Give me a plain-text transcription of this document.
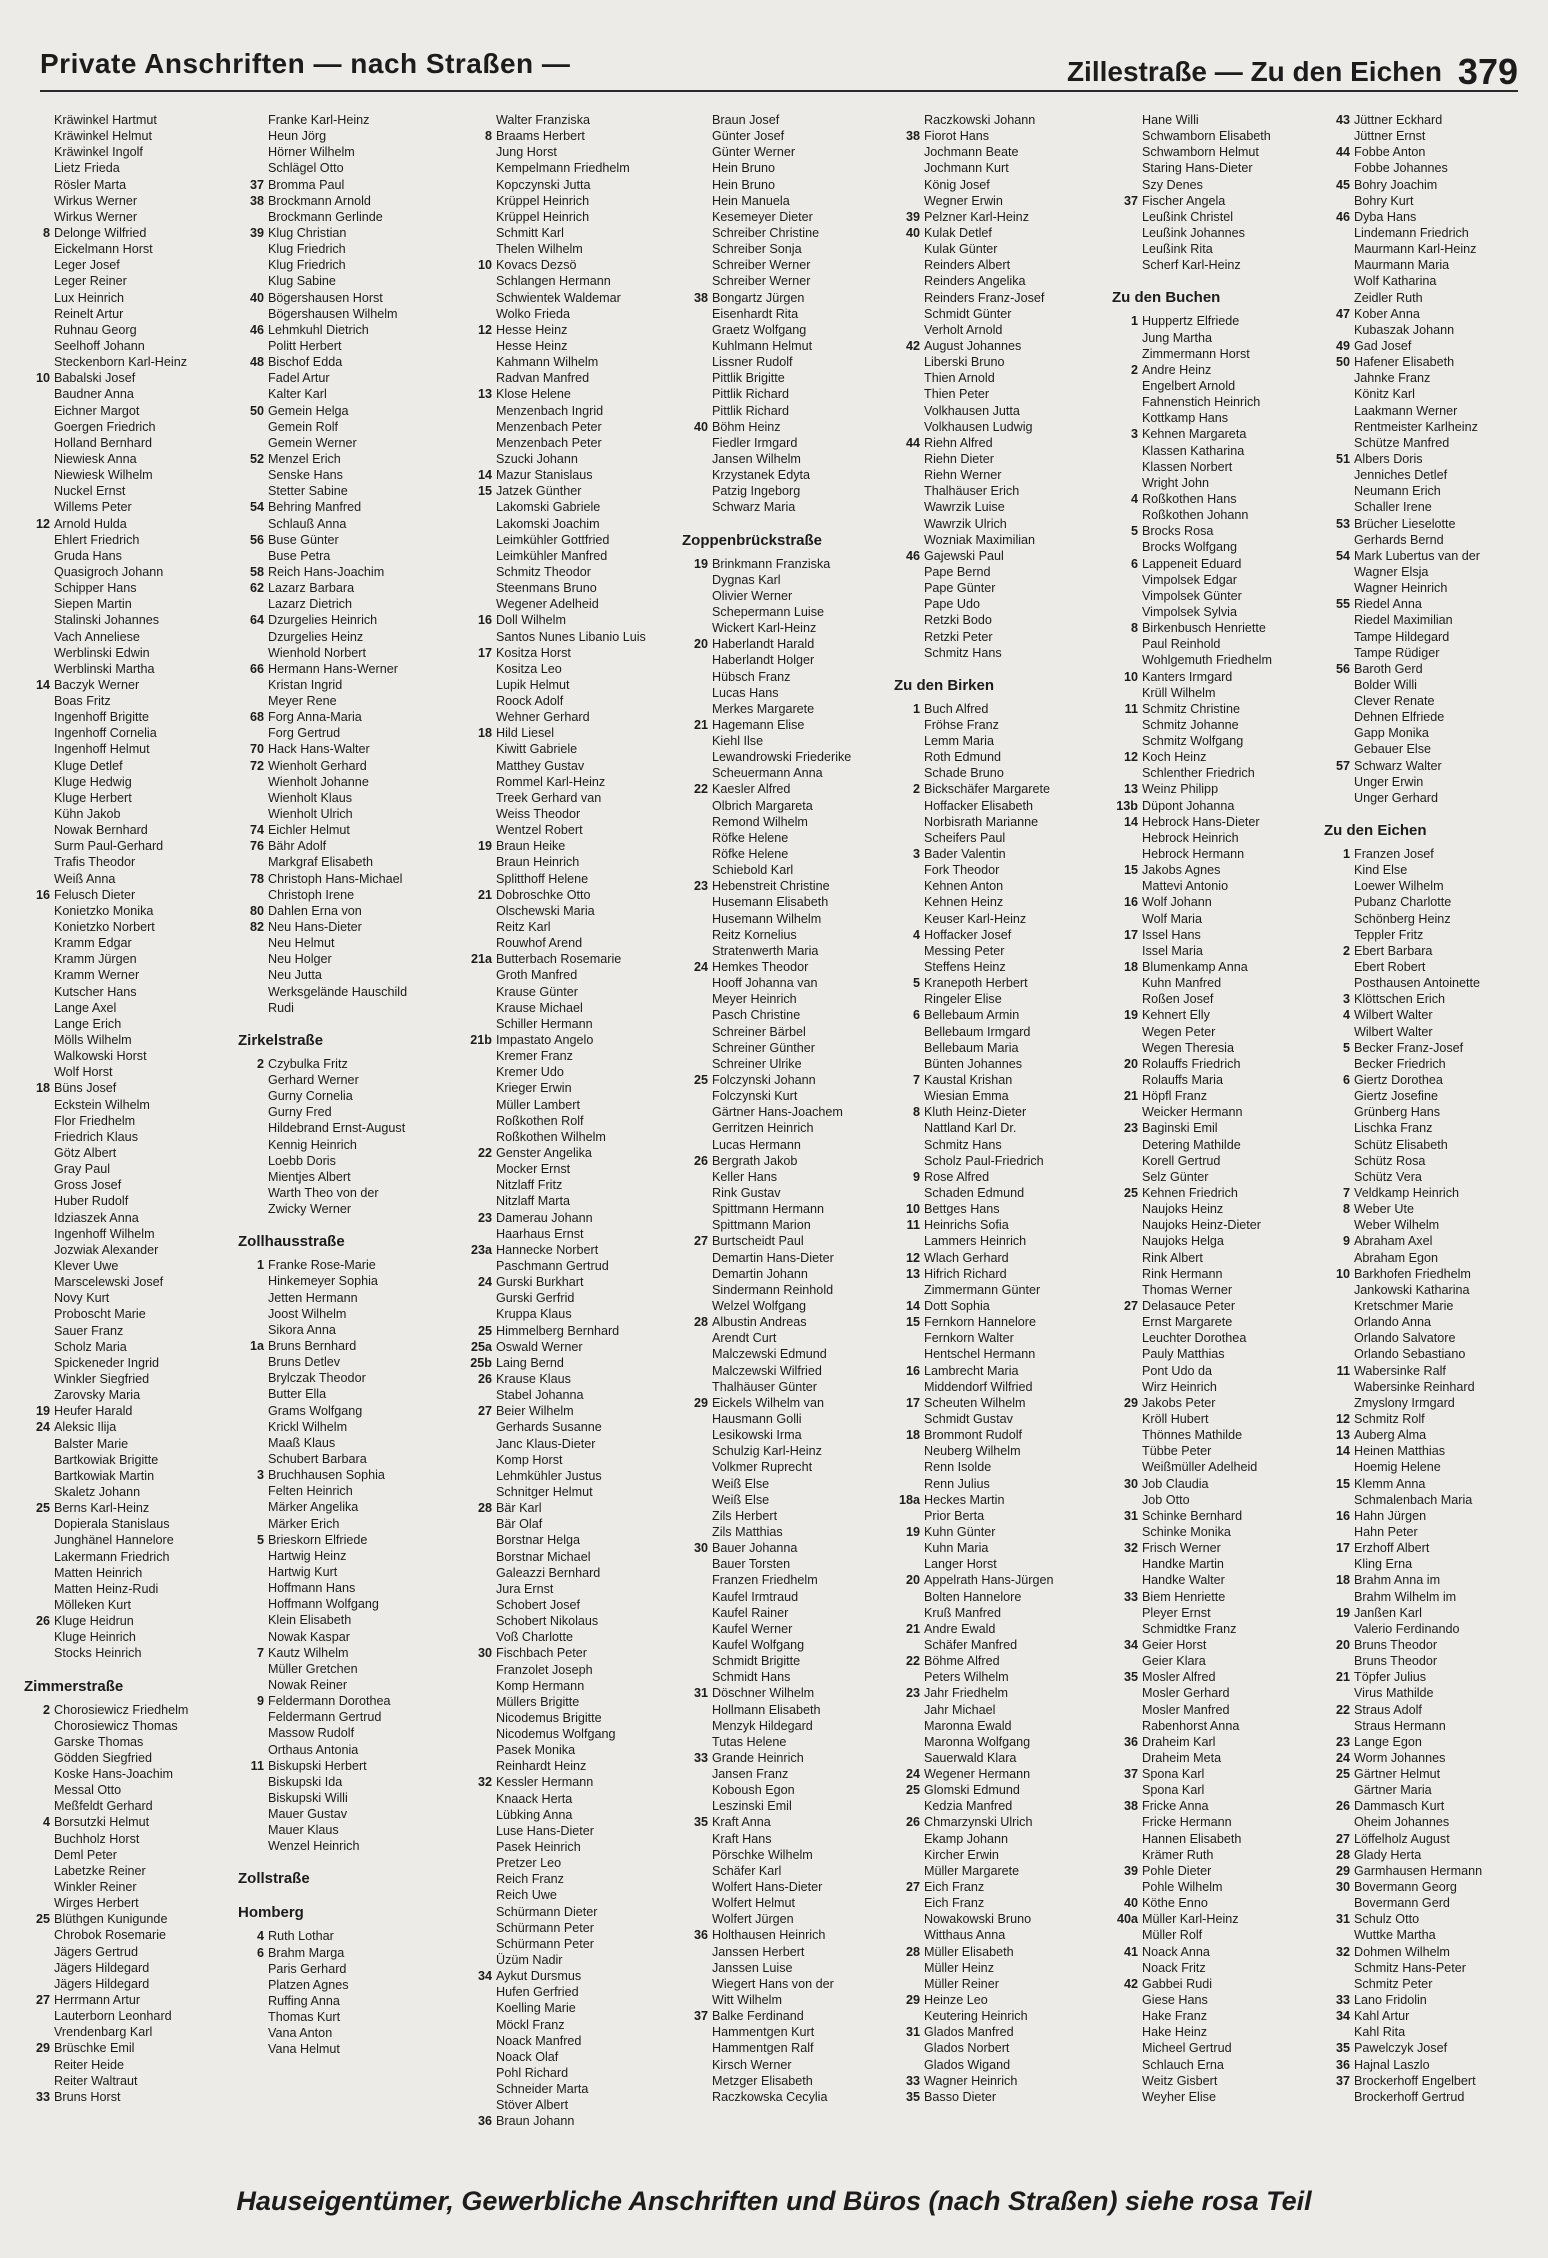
Private Anschriften — nach Straßen —	Zillestraße — Zu den Eichen 379
Kräwinkel Hartmut
Kräwinkel Helmut
Kräwinkel Ingolf
Lietz Frieda
Rösler Marta
Wirkus Werner
Wirkus Werner
8 Delonge Wilfried
Eickelmann Horst
Leger Josef
Leger Reiner
Lux Heinrich
Reinelt Artur
Ruhnau Georg
Seelhoff Johann
Steckenborn Karl-Heinz
10 Babalski Josef
Baudner Anna
Eichner Margot
Goergen Friedrich
Holland Bernhard
Niewiesk Anna
Niewiesk Wilhelm
Nuckel Ernst
Willems Peter
12 Arnold Hulda
Ehlert Friedrich
Gruda Hans
Quasigroch Johann
Schipper Hans
Siepen Martin
Stalinski Johannes
Vach Anneliese
Werblinski Edwin
Werblinski Martha
14 Baczyk Werner
Boas Fritz
Ingenhoff Brigitte
Ingenhoff Cornelia
Ingenhoff Helmut
Kluge Detlef
Kluge Hedwig
Kluge Herbert
Kühn Jakob
Nowak Bernhard
Surm Paul-Gerhard
Trafis Theodor
Weiß Anna
16 Felusch Dieter
Konietzko Monika
Konietzko Norbert
Kramm Edgar
Kramm Jürgen
Kramm Werner
Kutscher Hans
Lange Axel
Lange Erich
Mölls Wilhelm
Walkowski Horst
Wolf Horst
18 Büns Josef
Eckstein Wilhelm
Flor Friedhelm
Friedrich Klaus
Götz Albert
Gray Paul
Gross Josef
Huber Rudolf
Idziaszek Anna
Ingenhoff Wilhelm
Jozwiak Alexander
Klever Uwe
Marscelewski Josef
Novy Kurt
Proboscht Marie
Sauer Franz
Scholz Maria
Spickeneder Ingrid
Winkler Siegfried
Zarovsky Maria
19 Heufer Harald
24 Aleksic Ilija
Balster Marie
Bartkowiak Brigitte
Bartkowiak Martin
Skaletz Johann
25 Berns Karl-Heinz
Dopierala Stanislaus
Junghänel Hannelore
Lakermann Friedrich
Matten Heinrich
Matten Heinz-Rudi
Mölleken Kurt
26 Kluge Heidrun
Kluge Heinrich
Stocks Heinrich
Zimmerstraße
2 Chorosiewicz Friedhelm
Chorosiewicz Thomas
Garske Thomas
Gödden Siegfried
Koske Hans-Joachim
Messal Otto
Meßfeldt Gerhard
4 Borsutzki Helmut
Buchholz Horst
Deml Peter
Labetzke Reiner
Winkler Reiner
Wirges Herbert
25 Blüthgen Kunigunde
Chrobok Rosemarie
Jägers Gertrud
Jägers Hildegard
Jägers Hildegard
27 Herrmann Artur
Lauterborn Leonhard
Vrendenbarg Karl
29 Brüschke Emil
Reiter Heide
Reiter Waltraut
33 Bruns Horst
Franke Karl-Heinz
Heun Jörg
Hörner Wilhelm
Schlägel Otto
37 Bromma Paul
38 Brockmann Arnold
Brockmann Gerlinde
39 Klug Christian
Klug Friedrich
Klug Friedrich
Klug Sabine
40 Bögershausen Horst
Bögershausen Wilhelm
46 Lehmkuhl Dietrich
Politt Herbert
48 Bischof Edda
Fadel Artur
Kalter Karl
50 Gemein Helga
Gemein Rolf
Gemein Werner
52 Menzel Erich
Senske Hans
Stetter Sabine
54 Behring Manfred
Schlauß Anna
56 Buse Günter
Buse Petra
58 Reich Hans-Joachim
62 Lazarz Barbara
Lazarz Dietrich
64 Dzurgelies Heinrich
Dzurgelies Heinz
Wienhold Norbert
66 Hermann Hans-Werner
Kristan Ingrid
Meyer Rene
68 Forg Anna-Maria
Forg Gertrud
70 Hack Hans-Walter
72 Wienholt Gerhard
Wienholt Johanne
Wienholt Klaus
Wienholt Ulrich
74 Eichler Helmut
76 Bähr Adolf
Markgraf Elisabeth
78 Christoph Hans-Michael
Christoph Irene
80 Dahlen Erna von
82 Neu Hans-Dieter
Neu Helmut
Neu Holger
Neu Jutta
Werksgelände Hauschild
Rudi
Zirkelstraße
2 Czybulka Fritz
Gerhard Werner
Gurny Cornelia
Gurny Fred
Hildebrand Ernst-August
Kennig Heinrich
Loebb Doris
Mientjes Albert
Warth Theo von der
Zwicky Werner
Zollhausstraße
1 Franke Rose-Marie
Hinkemeyer Sophia
Jetten Hermann
Joost Wilhelm
Sikora Anna
1a Bruns Bernhard
Bruns Detlev
Brylczak Theodor
Butter Ella
Grams Wolfgang
Krickl Wilhelm
Maaß Klaus
Schubert Barbara
3 Bruchhausen Sophia
Felten Heinrich
Märker Angelika
Märker Erich
5 Brieskorn Elfriede
Hartwig Heinz
Hartwig Kurt
Hoffmann Hans
Hoffmann Wolfgang
Klein Elisabeth
Nowak Kaspar
7 Kautz Wilhelm
Müller Gretchen
Nowak Reiner
9 Feldermann Dorothea
Feldermann Gertrud
Massow Rudolf
Orthaus Antonia
11 Biskupski Herbert
Biskupski Ida
Biskupski Willi
Mauer Gustav
Mauer Klaus
Wenzel Heinrich
Zollstraße
Homberg
4 Ruth Lothar
6 Brahm Marga
Paris Gerhard
Platzen Agnes
Ruffing Anna
Thomas Kurt
Vana Anton
Vana Helmut
Walter Franziska
8 Braams Herbert
Jung Horst
Kempelmann Friedhelm
Kopczynski Jutta
Krüppel Heinrich
Krüppel Heinrich
Schmitt Karl
Thelen Wilhelm
10 Kovacs Dezsö
Schlangen Hermann
Schwientek Waldemar
Wolko Frieda
12 Hesse Heinz
Hesse Heinz
Kahmann Wilhelm
Radvan Manfred
13 Klose Helene
Menzenbach Ingrid
Menzenbach Peter
Menzenbach Peter
Szucki Johann
14 Mazur Stanislaus
15 Jatzek Günther
Lakomski Gabriele
Lakomski Joachim
Leimkühler Gottfried
Leimkühler Manfred
Schmitz Theodor
Steenmans Bruno
Wegener Adelheid
16 Doll Wilhelm
Santos Nunes Libanio Luis
17 Kositza Horst
Kositza Leo
Lupik Helmut
Roock Adolf
Wehner Gerhard
18 Hild Liesel
Kiwitt Gabriele
Matthey Gustav
Rommel Karl-Heinz
Treek Gerhard van
Weiss Theodor
Wentzel Robert
19 Braun Heike
Braun Heinrich
Splitthoff Helene
21 Dobroschke Otto
Olschewski Maria
Reitz Karl
Rouwhof Arend
21a Butterbach Rosemarie
Groth Manfred
Krause Günter
Krause Michael
Schiller Hermann
21b Impastato Angelo
Kremer Franz
Kremer Udo
Krieger Erwin
Müller Lambert
Roßkothen Rolf
Roßkothen Wilhelm
22 Genster Angelika
Mocker Ernst
Nitzlaff Fritz
Nitzlaff Marta
23 Damerau Johann
Haarhaus Ernst
23a Hannecke Norbert
Paschmann Gertrud
24 Gurski Burkhart
Gurski Gerfrid
Kruppa Klaus
25 Himmelberg Bernhard
25a Oswald Werner
25b Laing Bernd
26 Krause Klaus
Stabel Johanna
27 Beier Wilhelm
Gerhards Susanne
Janc Klaus-Dieter
Komp Horst
Lehmkühler Justus
Schnitger Helmut
28 Bär Karl
Bär Olaf
Borstnar Helga
Borstnar Michael
Galeazzi Bernhard
Jura Ernst
Schobert Josef
Schobert Nikolaus
Voß Charlotte
30 Fischbach Peter
Franzolet Joseph
Komp Hermann
Müllers Brigitte
Nicodemus Brigitte
Nicodemus Wolfgang
Pasek Monika
Reinhardt Heinz
32 Kessler Hermann
Knaack Herta
Lübking Anna
Luse Hans-Dieter
Pasek Heinrich
Pretzer Leo
Reich Franz
Reich Uwe
Schürmann Dieter
Schürmann Peter
Schürmann Peter
Üzüm Nadir
34 Aykut Dursmus
Hufen Gerfried
Koelling Marie
Möckl Franz
Noack Manfred
Noack Olaf
Pohl Richard
Schneider Marta
Stöver Albert
36 Braun Johann
Braun Josef
Günter Josef
Günter Werner
Hein Bruno
Hein Bruno
Hein Manuela
Kesemeyer Dieter
Schreiber Christine
Schreiber Sonja
Schreiber Werner
Schreiber Werner
38 Bongartz Jürgen
Eisenhardt Rita
Graetz Wolfgang
Kuhlmann Helmut
Lissner Rudolf
Pittlik Brigitte
Pittlik Richard
Pittlik Richard
40 Böhm Heinz
Fiedler Irmgard
Jansen Wilhelm
Krzystanek Edyta
Patzig Ingeborg
Schwarz Maria
Zoppenbrückstraße
19 Brinkmann Franziska
Dygnas Karl
Olivier Werner
Schepermann Luise
Wickert Karl-Heinz
20 Haberlandt Harald
Haberlandt Holger
Hübsch Franz
Lucas Hans
Merkes Margarete
21 Hagemann Elise
Kiehl Ilse
Lewandrowski Friederike
Scheuermann Anna
22 Kaesler Alfred
Olbrich Margareta
Remond Wilhelm
Röfke Helene
Röfke Helene
Schiebold Karl
23 Hebenstreit Christine
Husemann Elisabeth
Husemann Wilhelm
Reitz Kornelius
Stratenwerth Maria
24 Hemkes Theodor
Hooff Johanna van
Meyer Heinrich
Pasch Christine
Schreiner Bärbel
Schreiner Günther
Schreiner Ulrike
25 Folczynski Johann
Folczynski Kurt
Gärtner Hans-Joachem
Gerritzen Heinrich
Lucas Hermann
26 Bergrath Jakob
Keller Hans
Rink Gustav
Spittmann Hermann
Spittmann Marion
27 Burtscheidt Paul
Demartin Hans-Dieter
Demartin Johann
Sindermann Reinhold
Welzel Wolfgang
28 Albustin Andreas
Arendt Curt
Malczewski Edmund
Malczewski Wilfried
Thalhäuser Günter
29 Eickels Wilhelm van
Hausmann Golli
Lesikowski Irma
Schulzig Karl-Heinz
Volkmer Ruprecht
Weiß Else
Weiß Else
Zils Herbert
Zils Matthias
30 Bauer Johanna
Bauer Torsten
Franzen Friedhelm
Kaufel Irmtraud
Kaufel Rainer
Kaufel Werner
Kaufel Wolfgang
Schmidt Brigitte
Schmidt Hans
31 Döschner Wilhelm
Hollmann Elisabeth
Menzyk Hildegard
Tutas Helene
33 Grande Heinrich
Jansen Franz
Koboush Egon
Leszinski Emil
35 Kraft Anna
Kraft Hans
Pörschke Wilhelm
Schäfer Karl
Wolfert Hans-Dieter
Wolfert Helmut
Wolfert Jürgen
36 Holthausen Heinrich
Janssen Herbert
Janssen Luise
Wiegert Hans von der
Witt Wilhelm
37 Balke Ferdinand
Hammentgen Kurt
Hammentgen Ralf
Kirsch Werner
Metzger Elisabeth
Raczkowska Cecylia
Raczkowski Johann
38 Fiorot Hans
Jochmann Beate
Jochmann Kurt
König Josef
Wegner Erwin
39 Pelzner Karl-Heinz
40 Kulak Detlef
Kulak Günter
Reinders Albert
Reinders Angelika
Reinders Franz-Josef
Schmidt Günter
Verholt Arnold
42 August Johannes
Liberski Bruno
Thien Arnold
Thien Peter
Volkhausen Jutta
Volkhausen Ludwig
44 Riehn Alfred
Riehn Dieter
Riehn Werner
Thalhäuser Erich
Wawrzik Luise
Wawrzik Ulrich
Wozniak Maximilian
46 Gajewski Paul
Pape Bernd
Pape Günter
Pape Udo
Retzki Bodo
Retzki Peter
Schmitz Hans
Zu den Birken
1 Buch Alfred
Fröhse Franz
Lemm Maria
Roth Edmund
Schade Bruno
2 Bickschäfer Margarete
Hoffacker Elisabeth
Norbisrath Marianne
Scheifers Paul
3 Bader Valentin
Fork Theodor
Kehnen Anton
Kehnen Heinz
Keuser Karl-Heinz
4 Hoffacker Josef
Messing Peter
Steffens Heinz
5 Kranepoth Herbert
Ringeler Elise
6 Bellebaum Armin
Bellebaum Irmgard
Bellebaum Maria
Bünten Johannes
7 Kaustal Krishan
Wiesian Emma
8 Kluth Heinz-Dieter
Nattland Karl Dr.
Schmitz Hans
Scholz Paul-Friedrich
9 Rose Alfred
Schaden Edmund
10 Bettges Hans
11 Heinrichs Sofia
Lammers Heinrich
12 Wlach Gerhard
13 Hifrich Richard
Zimmermann Günter
14 Dott Sophia
15 Fernkorn Hannelore
Fernkorn Walter
Hentschel Hermann
16 Lambrecht Maria
Middendorf Wilfried
17 Scheuten Wilhelm
Schmidt Gustav
18 Brommont Rudolf
Neuberg Wilhelm
Renn Isolde
Renn Julius
18a Heckes Martin
Prior Berta
19 Kuhn Günter
Kuhn Maria
Langer Horst
20 Appelrath Hans-Jürgen
Bolten Hannelore
Kruß Manfred
21 Andre Ewald
Schäfer Manfred
22 Böhme Alfred
Peters Wilhelm
23 Jahr Friedhelm
Jahr Michael
Maronna Ewald
Maronna Wolfgang
Sauerwald Klara
24 Wegener Hermann
25 Glomski Edmund
Kedzia Manfred
26 Chmarzynski Ulrich
Ekamp Johann
Kircher Erwin
Müller Margarete
27 Eich Franz
Eich Franz
Nowakowski Bruno
Witthaus Anna
28 Müller Elisabeth
Müller Heinz
Müller Reiner
29 Heinze Leo
Keutering Heinrich
31 Glados Manfred
Glados Norbert
Glados Wigand
33 Wagner Heinrich
35 Basso Dieter
Hane Willi
Schwamborn Elisabeth
Schwamborn Helmut
Staring Hans-Dieter
Szy Denes
37 Fischer Angela
Leußink Christel
Leußink Johannes
Leußink Rita
Scherf Karl-Heinz
Zu den Buchen
1 Huppertz Elfriede
Jung Martha
Zimmermann Horst
2 Andre Heinz
Engelbert Arnold
Fahnenstich Heinrich
Kottkamp Hans
3 Kehnen Margareta
Klassen Katharina
Klassen Norbert
Wright John
4 Roßkothen Hans
Roßkothen Johann
5 Brocks Rosa
Brocks Wolfgang
6 Lappeneit Eduard
Vimpolsek Edgar
Vimpolsek Günter
Vimpolsek Sylvia
8 Birkenbusch Henriette
Paul Reinhold
Wohlgemuth Friedhelm
10 Kanters Irmgard
Krüll Wilhelm
11 Schmitz Christine
Schmitz Johanne
Schmitz Wolfgang
12 Koch Heinz
Schlenther Friedrich
13 Weinz Philipp
13b Düpont Johanna
14 Hebrock Hans-Dieter
Hebrock Heinrich
Hebrock Hermann
15 Jakobs Agnes
Mattevi Antonio
16 Wolf Johann
Wolf Maria
17 Issel Hans
Issel Maria
18 Blumenkamp Anna
Kuhn Manfred
Roßen Josef
19 Kehnert Elly
Wegen Peter
Wegen Theresia
20 Rolauffs Friedrich
Rolauffs Maria
21 Höpfl Franz
Weicker Hermann
23 Baginski Emil
Detering Mathilde
Korell Gertrud
Selz Günter
25 Kehnen Friedrich
Naujoks Heinz
Naujoks Heinz-Dieter
Naujoks Helga
Rink Albert
Rink Hermann
Thomas Werner
27 Delasauce Peter
Ernst Margarete
Leuchter Dorothea
Pauly Matthias
Pont Udo da
Wirz Heinrich
29 Jakobs Peter
Kröll Hubert
Thönnes Mathilde
Tübbe Peter
Weißmüller Adelheid
30 Job Claudia
Job Otto
31 Schinke Bernhard
Schinke Monika
32 Frisch Werner
Handke Martin
Handke Walter
33 Biem Henriette
Pleyer Ernst
Schmidtke Franz
34 Geier Horst
Geier Klara
35 Mosler Alfred
Mosler Gerhard
Mosler Manfred
Rabenhorst Anna
36 Draheim Karl
Draheim Meta
37 Spona Karl
Spona Karl
38 Fricke Anna
Fricke Hermann
Hannen Elisabeth
Krämer Ruth
39 Pohle Dieter
Pohle Wilhelm
40 Köthe Enno
40a Müller Karl-Heinz
Müller Rolf
41 Noack Anna
Noack Fritz
42 Gabbei Rudi
Giese Hans
Hake Franz
Hake Heinz
Micheel Gertrud
Schlauch Erna
Weitz Gisbert
Weyher Elise
43 Jüttner Eckhard
Jüttner Ernst
44 Fobbe Anton
Fobbe Johannes
45 Bohry Joachim
Bohry Kurt
46 Dyba Hans
Lindemann Friedrich
Maurmann Karl-Heinz
Maurmann Maria
Wolf Katharina
Zeidler Ruth
47 Kober Anna
Kubaszak Johann
49 Gad Josef
50 Hafener Elisabeth
Jahnke Franz
Könitz Karl
Laakmann Werner
Rentmeister Karlheinz
Schütze Manfred
51 Albers Doris
Jenniches Detlef
Neumann Erich
Schaller Irene
53 Brücher Lieselotte
Gerhards Bernd
54 Mark Lubertus van der
Wagner Elsja
Wagner Heinrich
55 Riedel Anna
Riedel Maximilian
Tampe Hildegard
Tampe Rüdiger
56 Baroth Gerd
Bolder Willi
Clever Renate
Dehnen Elfriede
Gapp Monika
Gebauer Else
57 Schwarz Walter
Unger Erwin
Unger Gerhard
Zu den Eichen
1 Franzen Josef
Kind Else
Loewer Wilhelm
Pubanz Charlotte
Schönberg Heinz
Teppler Fritz
2 Ebert Barbara
Ebert Robert
Posthausen Antoinette
3 Klöttschen Erich
4 Wilbert Walter
Wilbert Walter
5 Becker Franz-Josef
Becker Friedrich
6 Giertz Dorothea
Giertz Josefine
Grünberg Hans
Lischka Franz
Schütz Elisabeth
Schütz Rosa
Schütz Vera
7 Veldkamp Heinrich
8 Weber Ute
Weber Wilhelm
9 Abraham Axel
Abraham Egon
10 Barkhofen Friedhelm
Jankowski Katharina
Kretschmer Marie
Orlando Anna
Orlando Salvatore
Orlando Sebastiano
11 Wabersinke Ralf
Wabersinke Reinhard
Zmyslony Irmgard
12 Schmitz Rolf
13 Auberg Alma
14 Heinen Matthias
Hoemig Helene
15 Klemm Anna
Schmalenbach Maria
16 Hahn Jürgen
Hahn Peter
17 Erzhoff Albert
Kling Erna
18 Brahm Anna im
Brahm Wilhelm im
19 Janßen Karl
Valerio Ferdinando
20 Bruns Theodor
Bruns Theodor
21 Töpfer Julius
Virus Mathilde
22 Straus Adolf
Straus Hermann
23 Lange Egon
24 Worm Johannes
25 Gärtner Helmut
Gärtner Maria
26 Dammasch Kurt
Oheim Johannes
27 Löffelholz August
28 Glady Herta
29 Garmhausen Hermann
30 Bovermann Georg
Bovermann Gerd
31 Schulz Otto
Wuttke Martha
32 Dohmen Wilhelm
Schmitz Hans-Peter
Schmitz Peter
33 Lano Fridolin
34 Kahl Artur
Kahl Rita
35 Pawelczyk Josef
36 Hajnal Laszlo
37 Brockerhoff Engelbert
Brockerhoff Gertrud
Hauseigentümer, Gewerbliche Anschriften und Büros (nach Straßen) siehe rosa Teil
